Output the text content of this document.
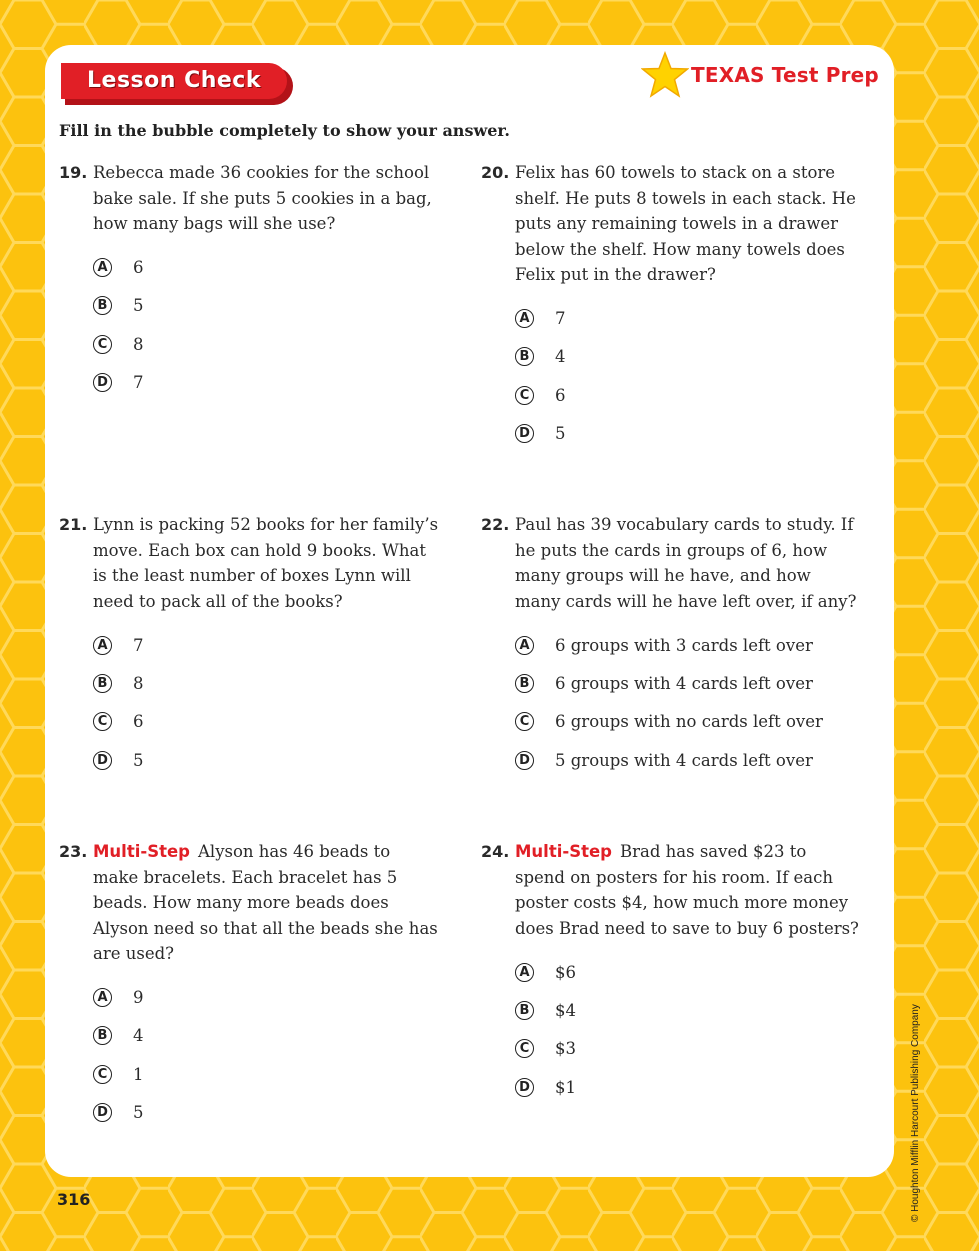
Lesson Check	TEXAS Test Prep
Fill in the bubble completely to show your answer.
19. Rebecca made 36 cookies for the school bake sale. If she puts 5 cookies in a bag, how many bags will she use?
A 6
B 5
C 8
D 7
20. Felix has 60 towels to stack on a store shelf. He puts 8 towels in each stack. He puts any remaining towels in a drawer below the shelf. How many towels does Felix put in the drawer?
A 7
B 4
C 6
D 5
21. Lynn is packing 52 books for her family’s move. Each box can hold 9 books. What is the least number of boxes Lynn will need to pack all of the books?
A 7
B 8
C 6
D 5
22. Paul has 39 vocabulary cards to study. If he puts the cards in groups of 6, how many groups will he have, and how many cards will he have left over, if any?
A 6 groups with 3 cards left over
B 6 groups with 4 cards left over
C 6 groups with no cards left over
D 5 groups with 4 cards left over
23. Multi-Step Alyson has 46 beads to make bracelets. Each bracelet has 5 beads. How many more beads does Alyson need so that all the beads she has are used?
A 9
B 4
C 1
D 5
24. Multi-Step Brad has saved $23 to spend on posters for his room. If each poster costs $4, how much more money does Brad need to save to buy 6 posters?
A $6
B $4
C $3
D $1
316	© Houghton Mifflin Harcourt Publishing Company
